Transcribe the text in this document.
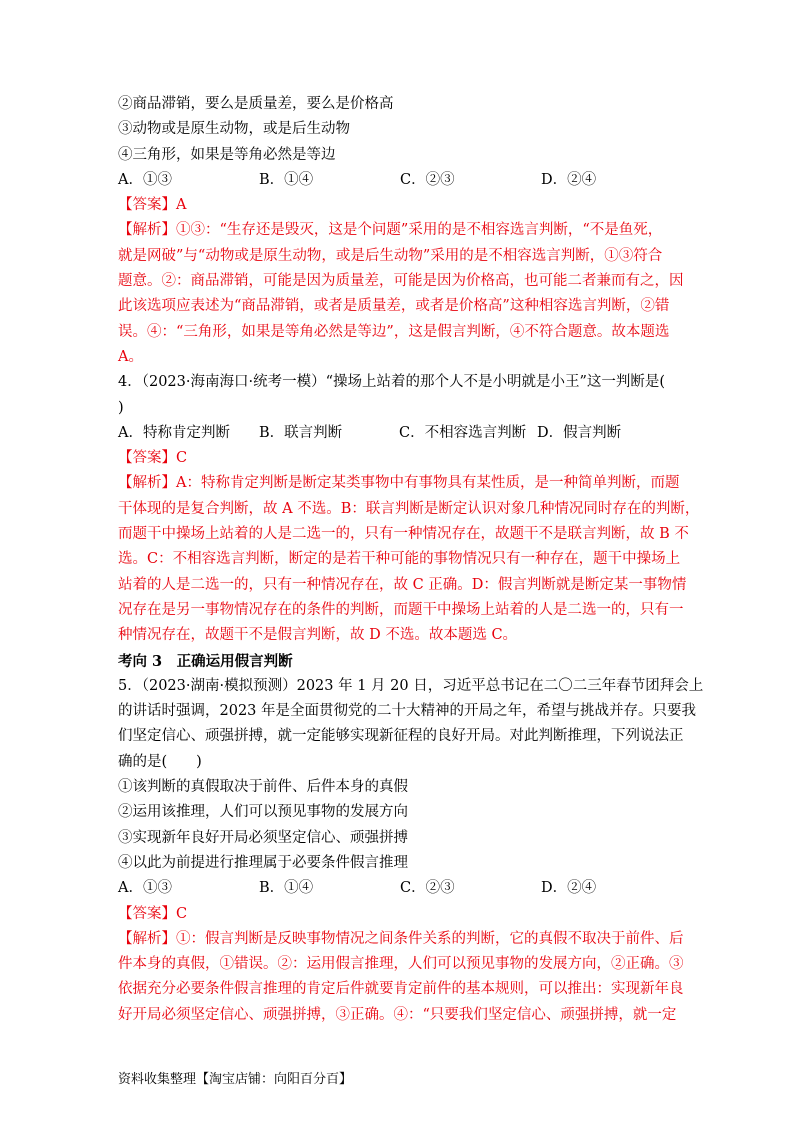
②商品滞销，要么是质量差，要么是价格高
③动物或是原生动物，或是后生动物
④三角形，如果是等角必然是等边
A．①③	B．①④	C．②③	D．②④
【答案】A
【解析】①③：“生存还是毁灭，这是个问题”采用的是不相容选言判断，“不是鱼死，
就是网破”与“动物或是原生动物，或是后生动物”采用的是不相容选言判断，①③符合
题意。②：商品滞销，可能是因为质量差，可能是因为价格高，也可能二者兼而有之，因
此该选项应表述为“商品滞销，或者是质量差，或者是价格高”这种相容选言判断，②错
误。④：“三角形，如果是等角必然是等边”，这是假言判断，④不符合题意。故本题选
A。
4．（2023·海南海口·统考一模）“操场上站着的那个人不是小明就是小王”这一判断是(
)
A．特称肯定判断	B．联言判断	C．不相容选言判断 D．假言判断
【答案】C
【解析】A：特称肯定判断是断定某类事物中有事物具有某性质，是一种简单判断，而题
干体现的是复合判断，故 A 不选。B：联言判断是断定认识对象几种情况同时存在的判断，
而题干中操场上站着的人是二选一的，只有一种情况存在，故题干不是联言判断，故 B 不
选。C：不相容选言判断，断定的是若干种可能的事物情况只有一种存在，题干中操场上
站着的人是二选一的，只有一种情况存在，故 C 正确。D：假言判断就是断定某一事物情
况存在是另一事物情况存在的条件的判断，而题干中操场上站着的人是二选一的，只有一
种情况存在，故题干不是假言判断，故 D 不选。故本题选 C。
考向 3　正确运用假言判断
5．（2023·湖南·模拟预测）2023 年 1 月 20 日，习近平总书记在二〇二三年春节团拜会上
的讲话时强调，2023 年是全面贯彻党的二十大精神的开局之年，希望与挑战并存。只要我
们坚定信心、顽强拼搏，就一定能够实现新征程的良好开局。对此判断推理，下列说法正
确的是(　　)
①该判断的真假取决于前件、后件本身的真假
②运用该推理，人们可以预见事物的发展方向
③实现新年良好开局必须坚定信心、顽强拼搏
④以此为前提进行推理属于必要条件假言推理
A．①③	B．①④	C．②③	D．②④
【答案】C
【解析】①：假言判断是反映事物情况之间条件关系的判断，它的真假不取决于前件、后
件本身的真假，①错误。②：运用假言推理，人们可以预见事物的发展方向，②正确。③
依据充分必要条件假言推理的肯定后件就要肯定前件的基本规则，可以推出：实现新年良
好开局必须坚定信心、顽强拼搏，③正确。④：“只要我们坚定信心、顽强拼搏，就一定
资料收集整理【淘宝店铺：向阳百分百】
